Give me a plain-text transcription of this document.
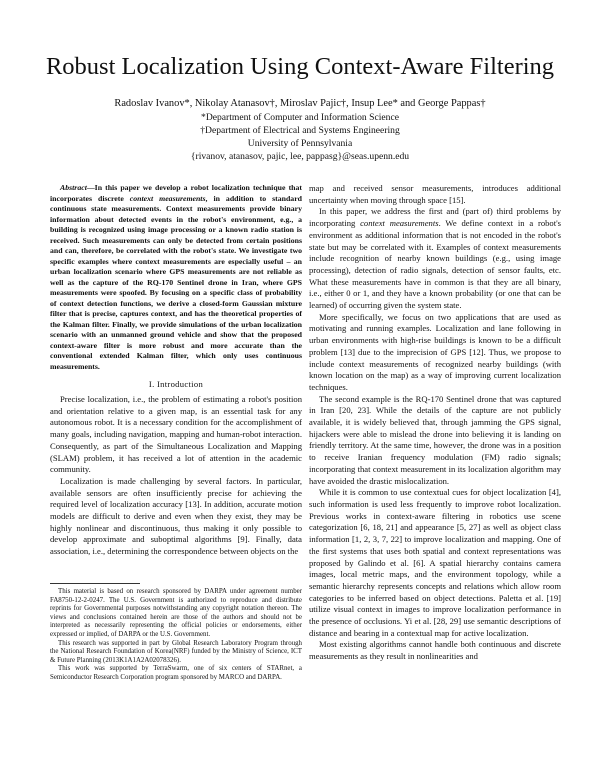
Robust Localization Using Context-Aware Filtering
Radoslav Ivanov*, Nikolay Atanasov†, Miroslav Pajic†, Insup Lee* and George Pappas†
*Department of Computer and Information Science
†Department of Electrical and Systems Engineering
University of Pennsylvania
{rivanov, atanasov, pajic, lee, pappasg}@seas.upenn.edu

Abstract—In this paper we develop a robot localization technique that incorporates discrete context measurements, in addition to standard continuous state measurements. Context measurements provide binary information about detected events in the robot's environment, e.g., a building is recognized using image processing or a known radio station is received. Such measurements can only be detected from certain positions and can, therefore, be correlated with the robot's state. We investigate two specific examples where context measurements are especially useful – an urban localization scenario where GPS measurements are not reliable as well as the capture of the RQ-170 Sentinel drone in Iran, where GPS measurements were spoofed. By focusing on a specific class of probability of context detection functions, we derive a closed-form Gaussian mixture filter that is precise, captures context, and has the theoretical properties of the Kalman filter. Finally, we provide simulations of the urban localization scenario with an unmanned ground vehicle and show that the proposed context-aware filter is more robust and more accurate than the conventional extended Kalman filter, which only uses continuous measurements.

I. Introduction

Precise localization, i.e., the problem of estimating a robot's position and orientation relative to a given map, is an essential task for any autonomous robot. It is a necessary condition for the accomplishment of many goals, including navigation, mapping and human-robot interaction. Consequently, as part of the Simultaneous Localization and Mapping (SLAM) problem, it has received a lot of attention in the academic community.

Localization is made challenging by several factors. In particular, available sensors are often insufficiently precise for achieving the required level of localization accuracy [13]. In addition, accurate motion models are difficult to derive and even when they exist, they may be highly nonlinear and discontinuous, thus making it only possible to develop approximate and suboptimal algorithms [9]. Finally, data association, i.e., determining the correspondence between objects on the

This material is based on research sponsored by DARPA under agreement number FA8750-12-2-0247. The U.S. Government is authorized to reproduce and distribute reprints for Governmental purposes notwithstanding any copyright notation thereon. The views and conclusions contained herein are those of the authors and should not be interpreted as necessarily representing the official policies or endorsements, either expressed or implied, of DARPA or the U.S. Government.

This research was supported in part by Global Research Laboratory Program through the National Research Foundation of Korea(NRF) funded by the Ministry of Science, ICT & Future Planning (2013K1A1A2A02078326).

This work was supported by TerraSwarm, one of six centers of STARnet, a Semiconductor Research Corporation program sponsored by MARCO and DARPA.

map and received sensor measurements, introduces additional uncertainty when moving through space [15].

In this paper, we address the first and (part of) third problems by incorporating context measurements. We define context in a robot's environment as additional information that is not encoded in the robot's state but may be correlated with it. Examples of context measurements include recognition of nearby known buildings (e.g., using image processing), detection of radio signals, detection of sensor faults, etc. What these measurements have in common is that they are all binary, i.e., either 0 or 1, and they have a known probability (or one that can be learned) of occurring given the system state.

More specifically, we focus on two applications that are used as motivating and running examples. Localization and lane following in urban environments with high-rise buildings is known to be a difficult problem [13] due to the imprecision of GPS [12]. Thus, we propose to include context measurements of recognized nearby buildings (with known location on the map) as a way of improving current localization techniques.

The second example is the RQ-170 Sentinel drone that was captured in Iran [20, 23]. While the details of the capture are not publicly available, it is widely believed that, through jamming the GPS signal, hijackers were able to mislead the drone into believing it is landing on friendly territory. At the same time, however, the drone was in a position to receive Iranian frequency modulation (FM) radio signals; incorporating that context measurement in its localization algorithm may have avoided the drastic mislocalization.

While it is common to use contextual cues for object localization [4], such information is used less frequently to improve robot localization. Previous works in context-aware filtering in robotics use scene categorization [6, 18, 21] and appearance [5, 27] as well as object class information [1, 2, 3, 7, 22] to improve localization and mapping. One of the first systems that uses both spatial and context representations was proposed by Galindo et al. [6]. A spatial hierarchy contains camera images, local metric maps, and the environment topology, while a semantic hierarchy represents concepts and relations which allow room categories to be inferred based on object detections. Paletta et al. [19] utilize visual context in images to improve localization performance in the presence of occlusions. Yi et al. [28, 29] use semantic descriptions of distance and bearing in a contextual map for active localization.

Most existing algorithms cannot handle both continuous and discrete measurements as they result in nonlinearities and
